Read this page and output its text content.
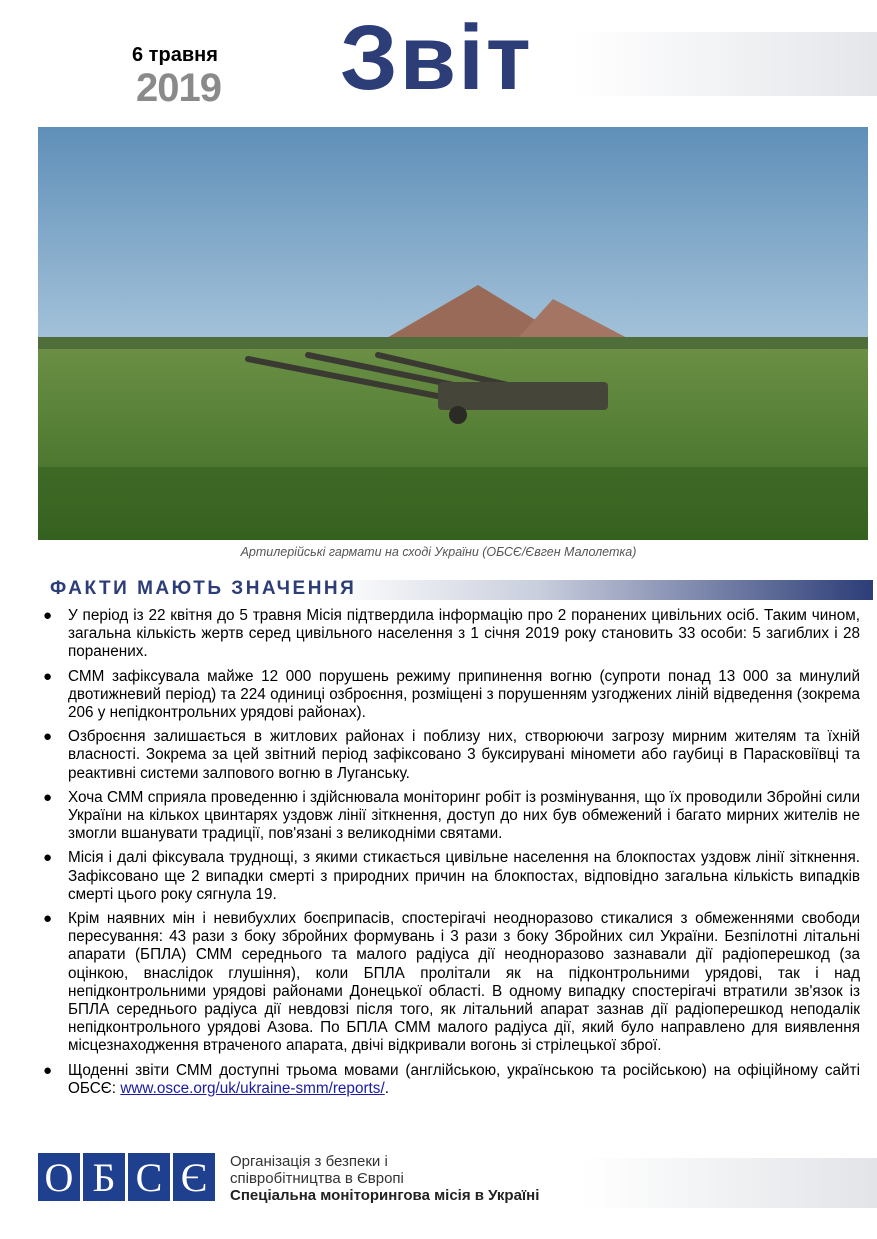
6 травня
2019 Звіт
Артилерійські гармати на сході України (ОБСЄ/Євген Малолетка)
ФАКТИ МАЮТЬ ЗНАЧЕННЯ
● У період із 22 квітня до 5 травня Місія підтвердила інформацію про 2 поранених цивільних осіб. Таким чином, загальна кількість жертв серед цивільного населення з 1 січня 2019 року становить 33 особи: 5 загиблих і 28 поранених.
● СММ зафіксувала майже 12 000 порушень режиму припинення вогню (супроти понад 13 000 за минулий двотижневий період) та 224 одиниці озброєння, розміщені з порушенням узгоджених ліній відведення (зокрема 206 у непідконтрольних урядові районах).
● Озброєння залишається в житлових районах і поблизу них, створюючи загрозу мирним жителям та їхній власності. Зокрема за цей звітний період зафіксовано 3 буксирувані міномети або гаубиці в Парасковіївці та реактивні системи залпового вогню в Луганську.
● Хоча СММ сприяла проведенню і здійснювала моніторинг робіт із розмінування, що їх проводили Збройні сили України на кількох цвинтарях уздовж лінії зіткнення, доступ до них був обмежений і багато мирних жителів не змогли вшанувати традиції, пов'язані з великодніми святами.
● Місія і далі фіксувала труднощі, з якими стикається цивільне населення на блокпостах уздовж лінії зіткнення. Зафіксовано ще 2 випадки смерті з природних причин на блокпостах, відповідно загальна кількість випадків смерті цього року сягнула 19.
● Крім наявних мін і невибухлих боєприпасів, спостерігачі неодноразово стикалися з обмеженнями свободи пересування: 43 рази з боку збройних формувань і 3 рази з боку Збройних сил України. Безпілотні літальні апарати (БПЛА) СММ середнього та малого радіуса дії неодноразово зазнавали дії радіоперешкод (за оцінкою, внаслідок глушіння), коли БПЛА пролітали як на підконтрольними урядові, так і над непідконтрольними урядові районами Донецької області. В одному випадку спостерігачі втратили зв'язок із БПЛА середнього радіуса дії невдовзі після того, як літальний апарат зазнав дії радіоперешкод неподалік непідконтрольного урядові Азова. По БПЛА СММ малого радіуса дії, який було направлено для виявлення місцезнаходження втраченого апарата, двічі відкривали вогонь зі стрілецької зброї.
● Щоденні звіти СММ доступні трьома мовами (англійською, українською та російською) на офіційному сайті ОБСЄ: www.osce.org/uk/ukraine-smm/reports/.
О Б С Є	Організація з безпеки і
співробітництва в Європі
Спеціальна моніторингова місія в Україні
